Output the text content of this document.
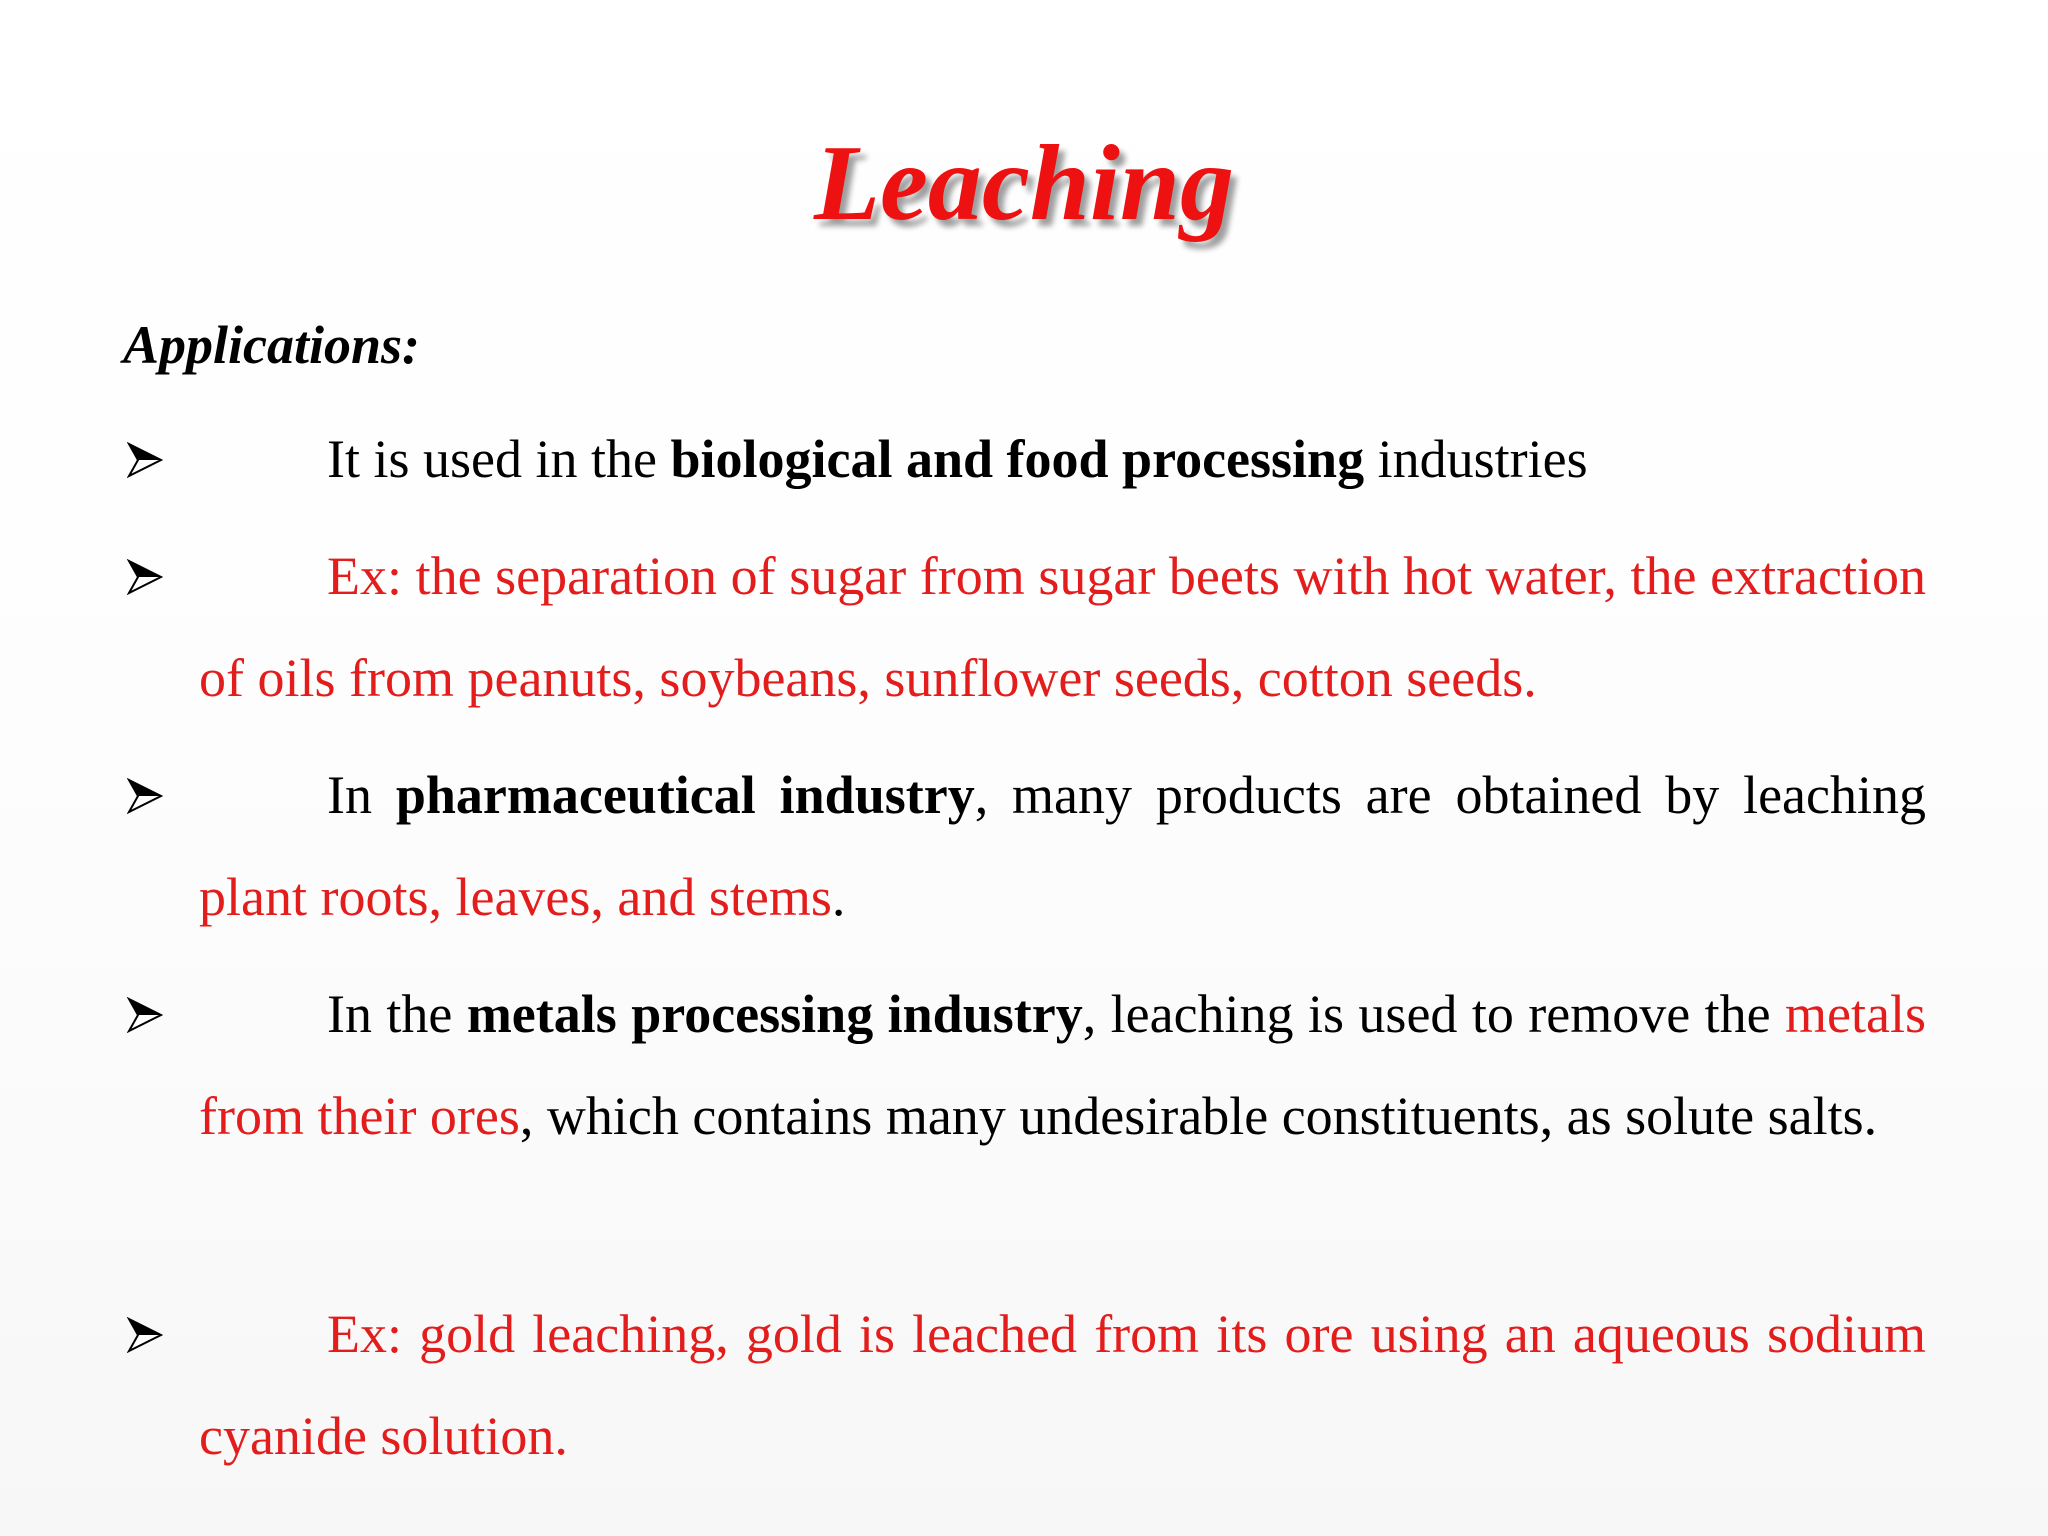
Leaching
Applications:
It is used in the biological and food processing industries
Ex: the separation of sugar from sugar beets with hot water, the extraction of oils from peanuts, soybeans, sunflower seeds, cotton seeds.
In pharmaceutical industry, many products are obtained by leaching plant roots, leaves, and stems.
In the metals processing industry, leaching is used to remove the metals from their ores, which contains many undesirable constituents, as solute salts.
Ex: gold leaching, gold is leached from its ore using an aqueous sodium cyanide solution.
